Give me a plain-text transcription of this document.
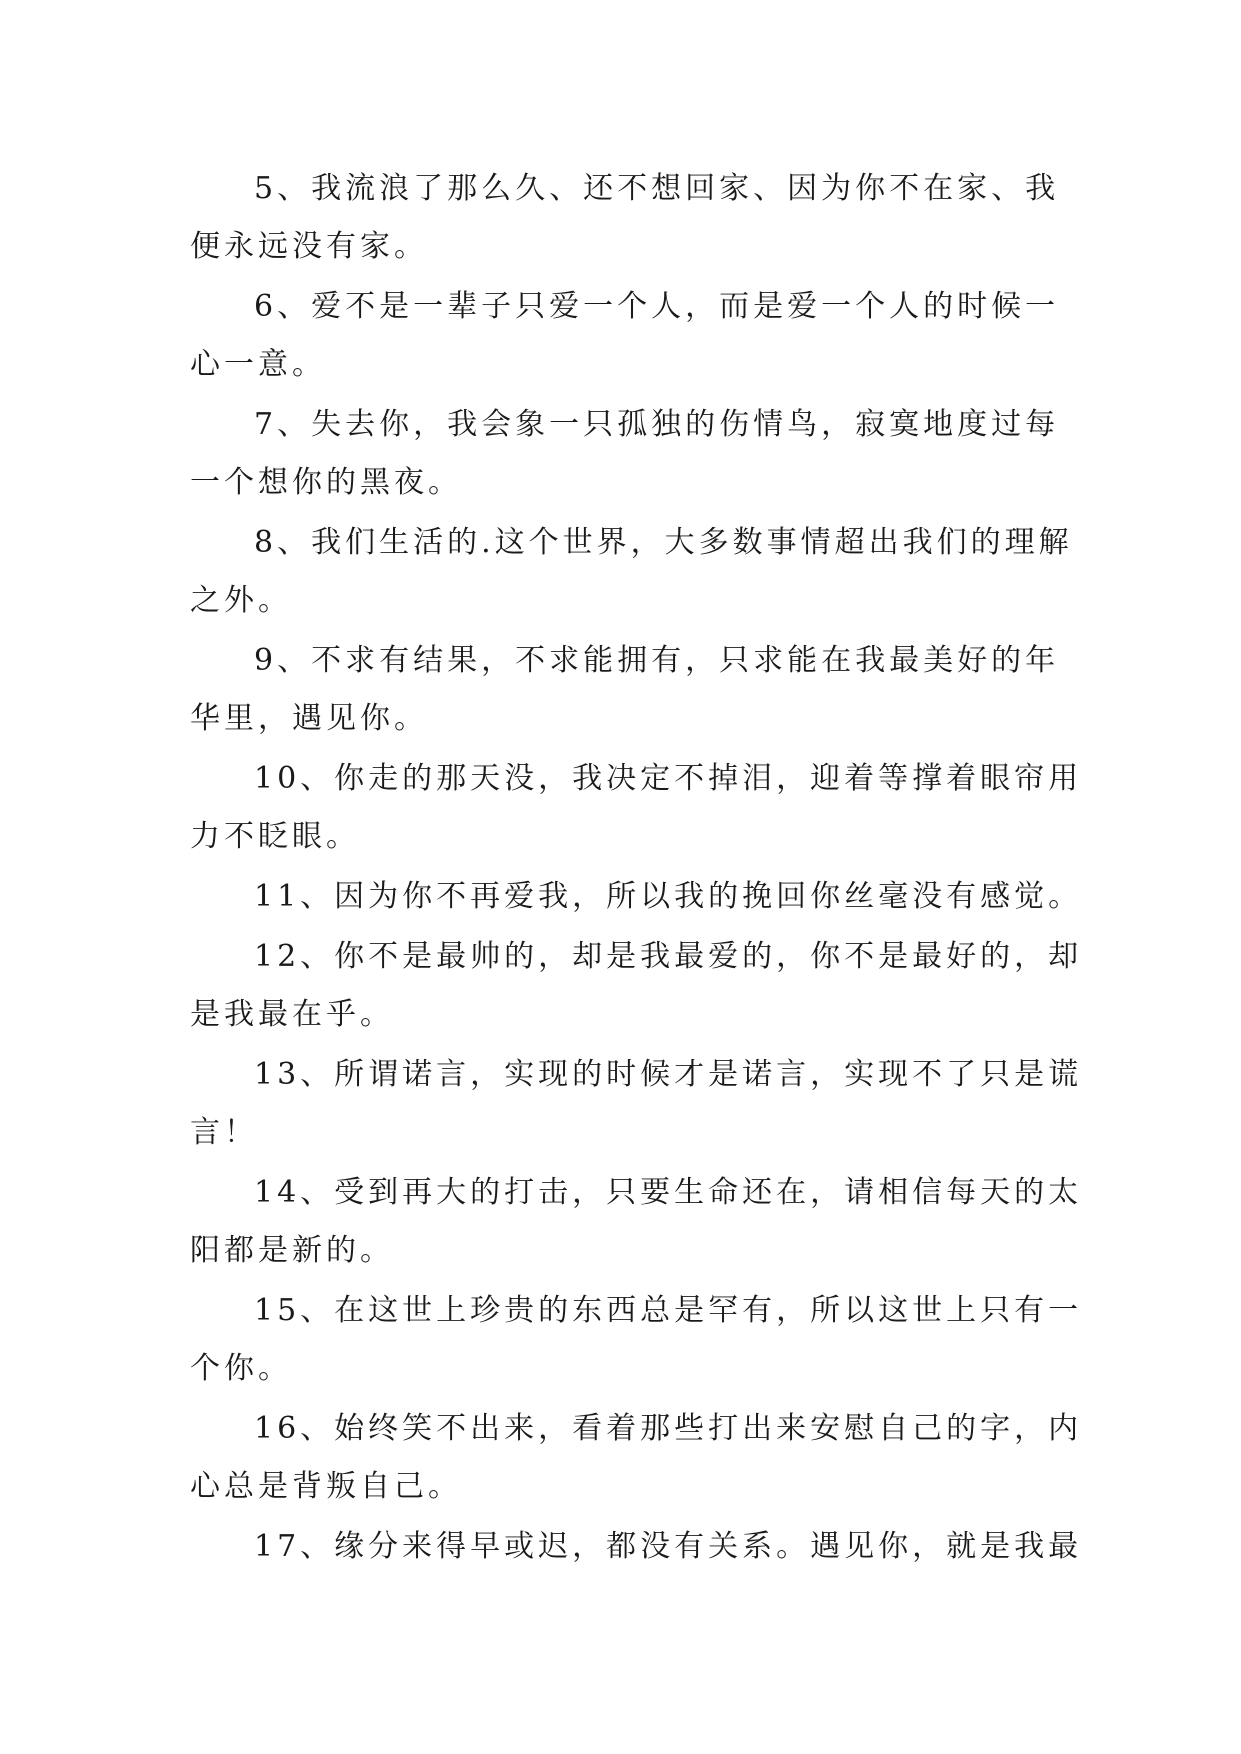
5、我流浪了那么久、还不想回家、因为你不在家、我
便永远没有家。
6、爱不是一辈子只爱一个人，而是爱一个人的时候一
心一意。
7、失去你，我会象一只孤独的伤情鸟，寂寞地度过每
一个想你的黑夜。
8、我们生活的.这个世界，大多数事情超出我们的理解
之外。
9、不求有结果，不求能拥有，只求能在我最美好的年
华里，遇见你。
10、你走的那天没，我决定不掉泪，迎着等撑着眼帘用
力不眨眼。
11、因为你不再爱我，所以我的挽回你丝毫没有感觉。
12、你不是最帅的，却是我最爱的，你不是最好的，却
是我最在乎。
13、所谓诺言，实现的时候才是诺言，实现不了只是谎
言！
14、受到再大的打击，只要生命还在，请相信每天的太
阳都是新的。
15、在这世上珍贵的东西总是罕有，所以这世上只有一
个你。
16、始终笑不出来，看着那些打出来安慰自己的字，内
心总是背叛自己。
17、缘分来得早或迟，都没有关系。遇见你，就是我最
